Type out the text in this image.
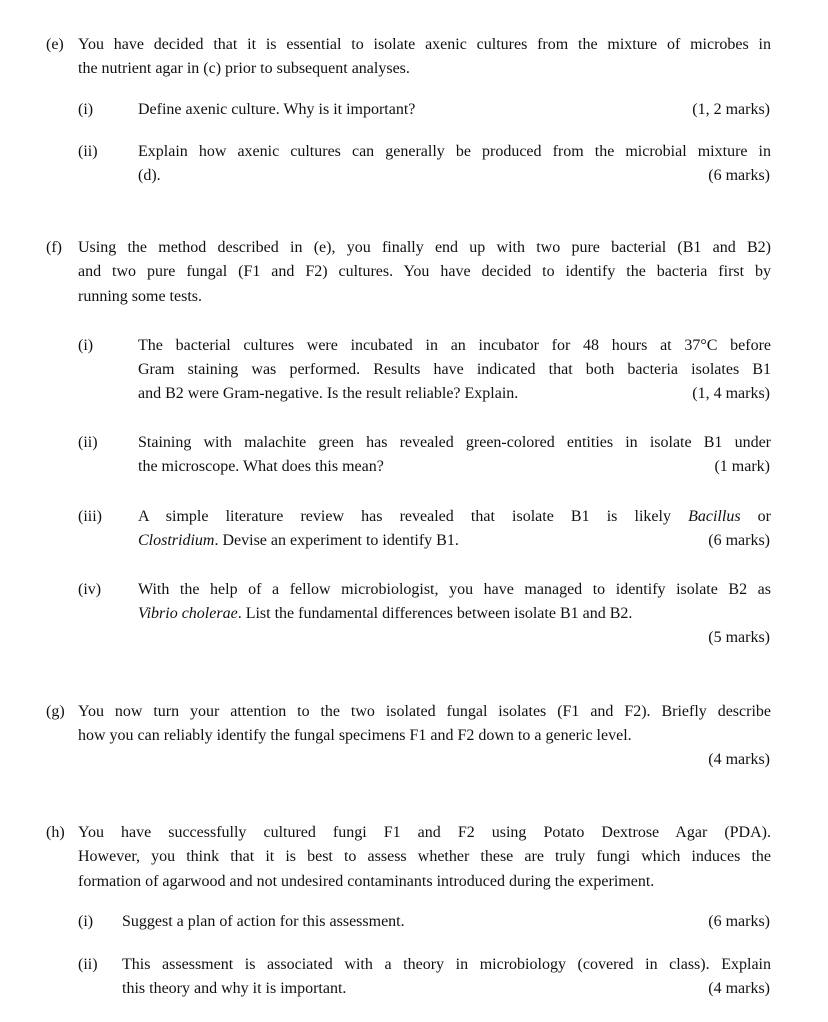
(e) You have decided that it is essential to isolate axenic cultures from the mixture of microbes in
the nutrient agar in (c) prior to subsequent analyses.
(i)	Define axenic culture. Why is it important?	(1, 2 marks)
(ii)	Explain how axenic cultures can generally be produced from the microbial mixture in
(d).	(6 marks)
(f) Using the method described in (e), you finally end up with two pure bacterial (B1 and B2)
and two pure fungal (F1 and F2) cultures. You have decided to identify the bacteria first by
running some tests.
(i)	The bacterial cultures were incubated in an incubator for 48 hours at 37°C before
Gram staining was performed. Results have indicated that both bacteria isolates B1
and B2 were Gram-negative. Is the result reliable? Explain.	(1, 4 marks)
(ii)	Staining with malachite green has revealed green-colored entities in isolate B1 under
the microscope. What does this mean?	(1 mark)
(iii) A simple literature review has revealed that isolate B1 is likely Bacillus or
Clostridium. Devise an experiment to identify B1.	(6 marks)
(iv) With the help of a fellow microbiologist, you have managed to identify isolate B2 as
Vibrio cholerae. List the fundamental differences between isolate B1 and B2.
(5 marks)
(g) You now turn your attention to the two isolated fungal isolates (F1 and F2). Briefly describe
how you can reliably identify the fungal specimens F1 and F2 down to a generic level.
(4 marks)
(h) You have successfully cultured fungi F1 and F2 using Potato Dextrose Agar (PDA).
However, you think that it is best to assess whether these are truly fungi which induces the
formation of agarwood and not undesired contaminants introduced during the experiment.
(i) Suggest a plan of action for this assessment.	(6 marks)
(ii) This assessment is associated with a theory in microbiology (covered in class). Explain
this theory and why it is important.	(4 marks)
